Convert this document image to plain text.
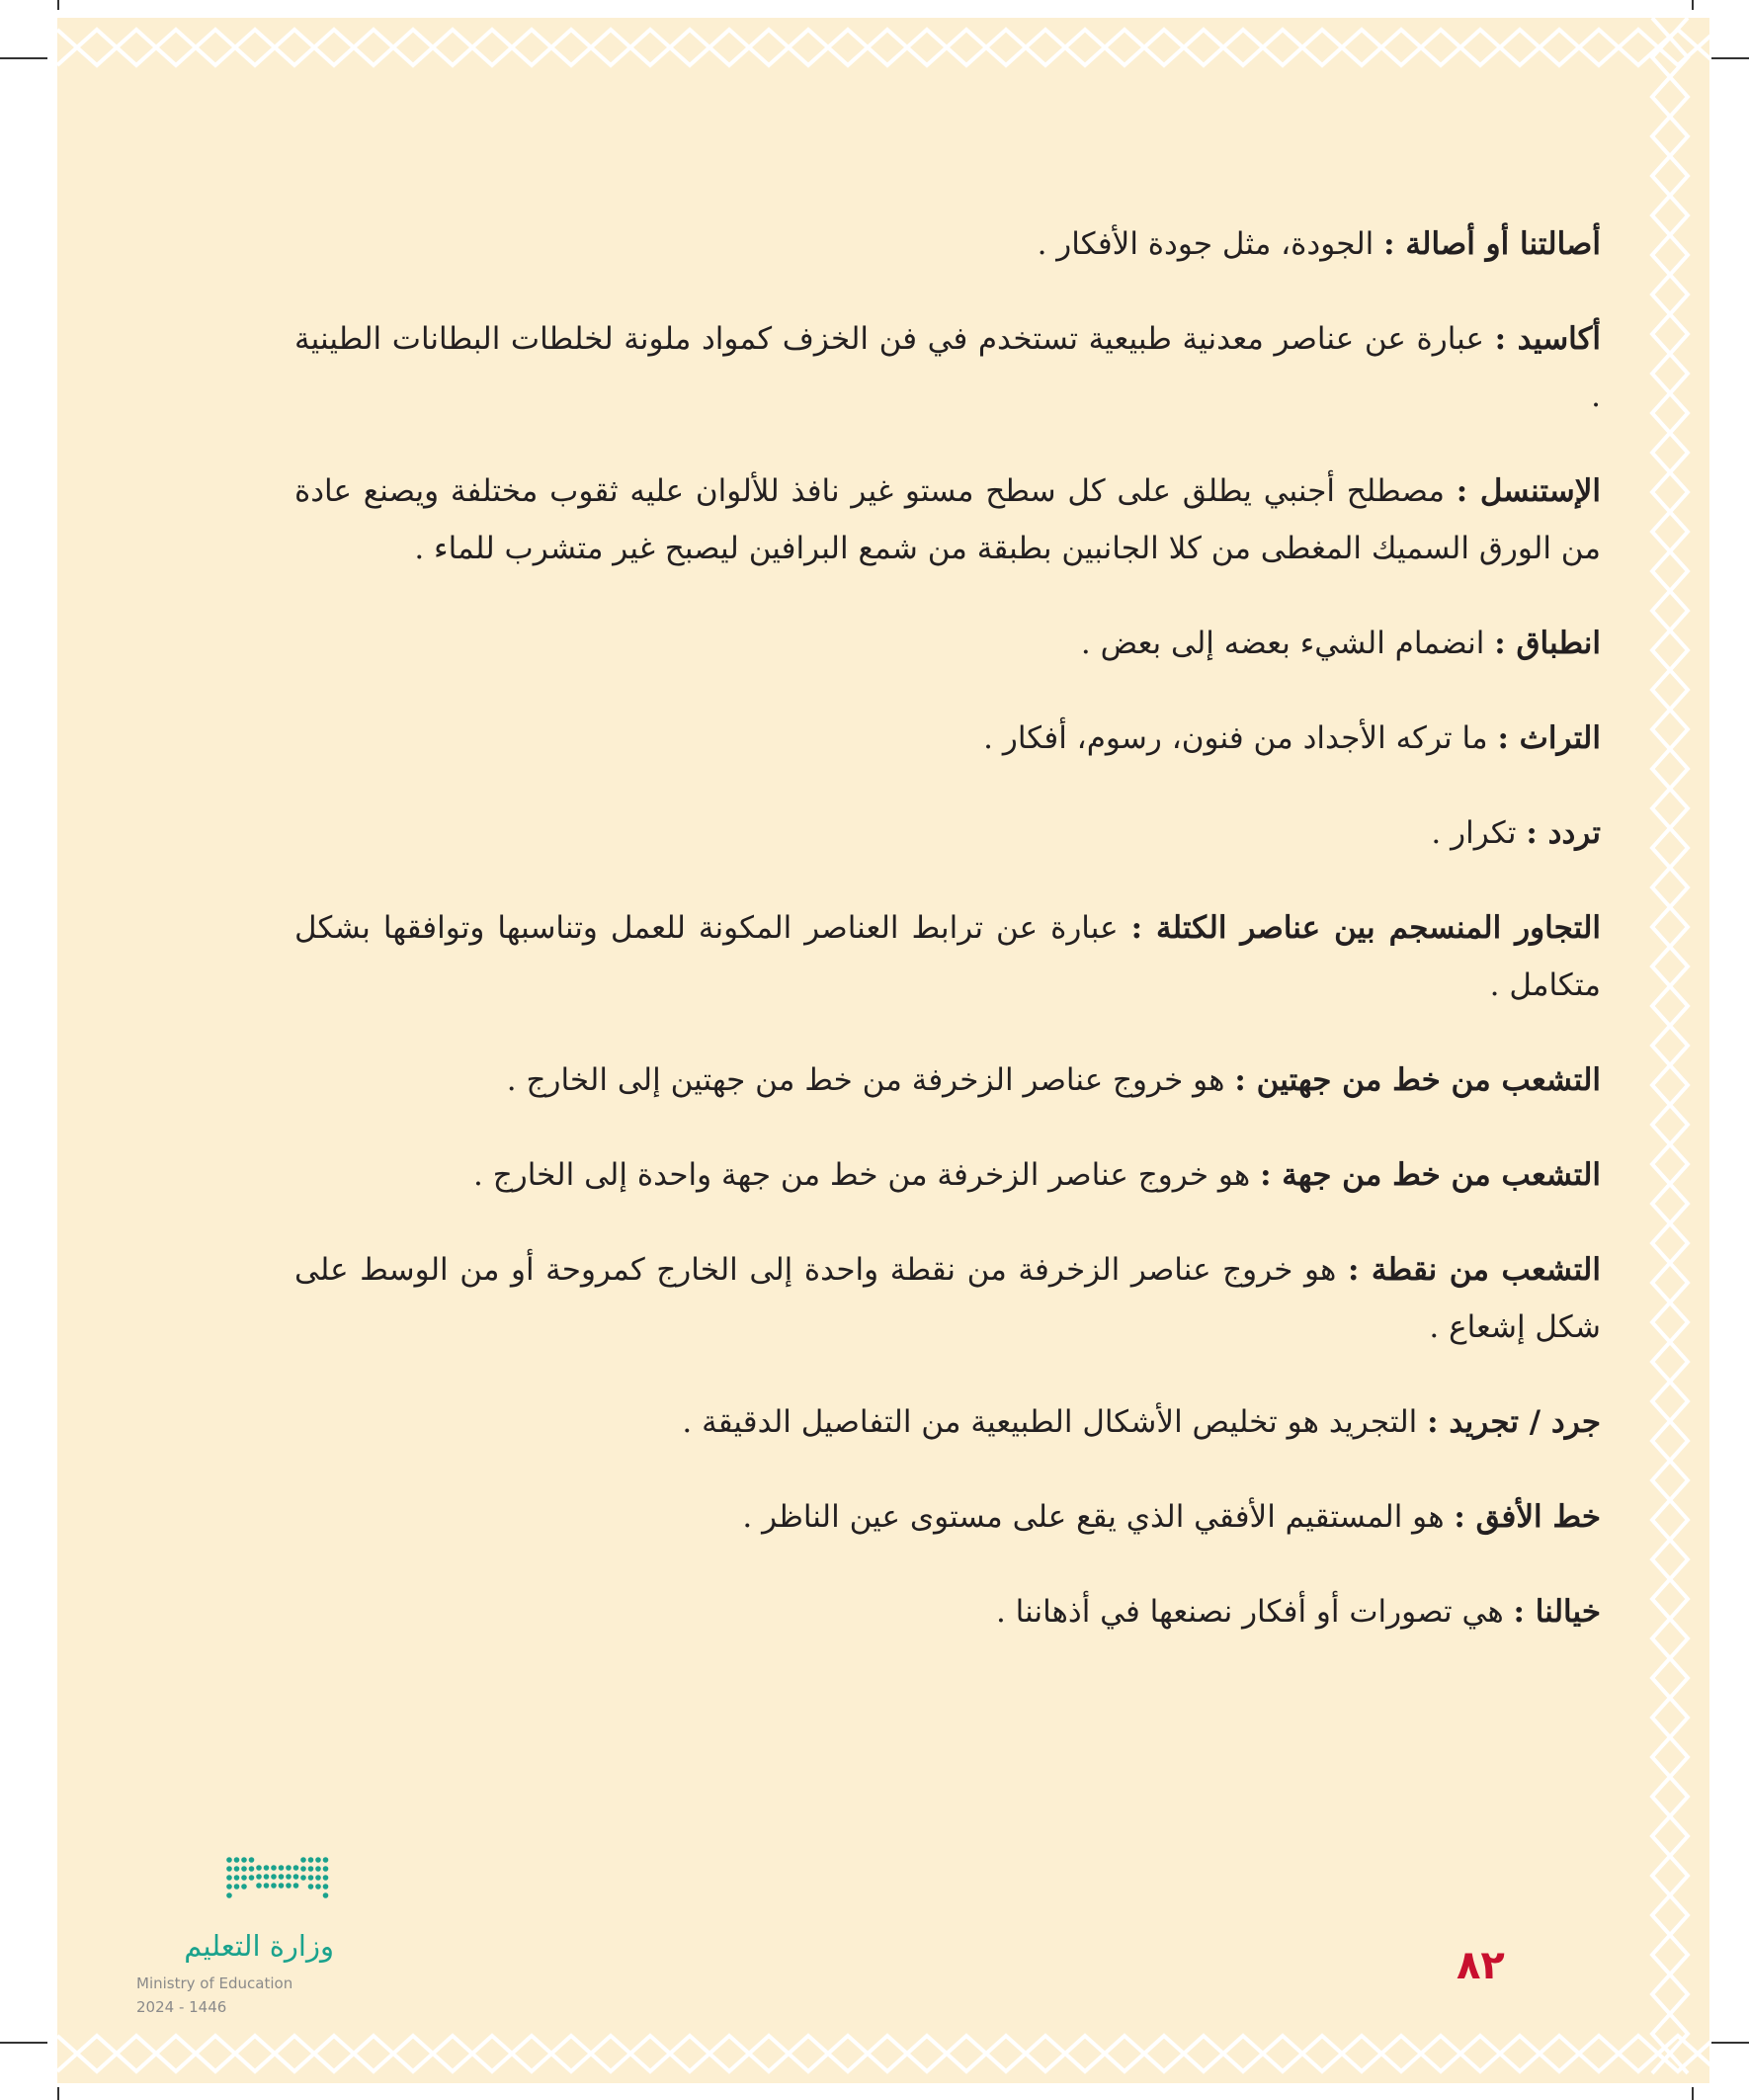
أصالتنا أو أصالة : الجودة، مثل جودة الأفكار .

أكاسيد : عبارة عن عناصر معدنية طبيعية تستخدم في فن الخزف كمواد ملونة لخلطات البطانات الطينية .

الإستنسل : مصطلح أجنبي يطلق على كل سطح مستو غير نافذ للألوان عليه ثقوب مختلفة ويصنع عادة من الورق السميك المغطى من كلا الجانبين بطبقة من شمع البرافين ليصبح غير متشرب للماء .

انطباق : انضمام الشيء بعضه إلى بعض .

التراث : ما تركه الأجداد من فنون، رسوم، أفكار .

تردد : تكرار .

التجاور المنسجم بين عناصر الكتلة : عبارة عن ترابط العناصر المكونة للعمل وتناسبها وتوافقها بشكل متكامل .

التشعب من خط من جهتين : هو خروج عناصر الزخرفة من خط من جهتين إلى الخارج .

التشعب من خط من جهة : هو خروج عناصر الزخرفة من خط من جهة واحدة إلى الخارج .

التشعب من نقطة : هو خروج عناصر الزخرفة من نقطة واحدة إلى الخارج كمروحة أو من الوسط على شكل إشعاع .

جرد / تجريد : التجريد هو تخليص الأشكال الطبيعية من التفاصيل الدقيقة .

خط الأفق : هو المستقيم الأفقي الذي يقع على مستوى عين الناظر .

خيالنا : هي تصورات أو أفكار نصنعها في أذهاننا .

٨٢
وزارة التعليم
Ministry of Education
2024 - 1446
